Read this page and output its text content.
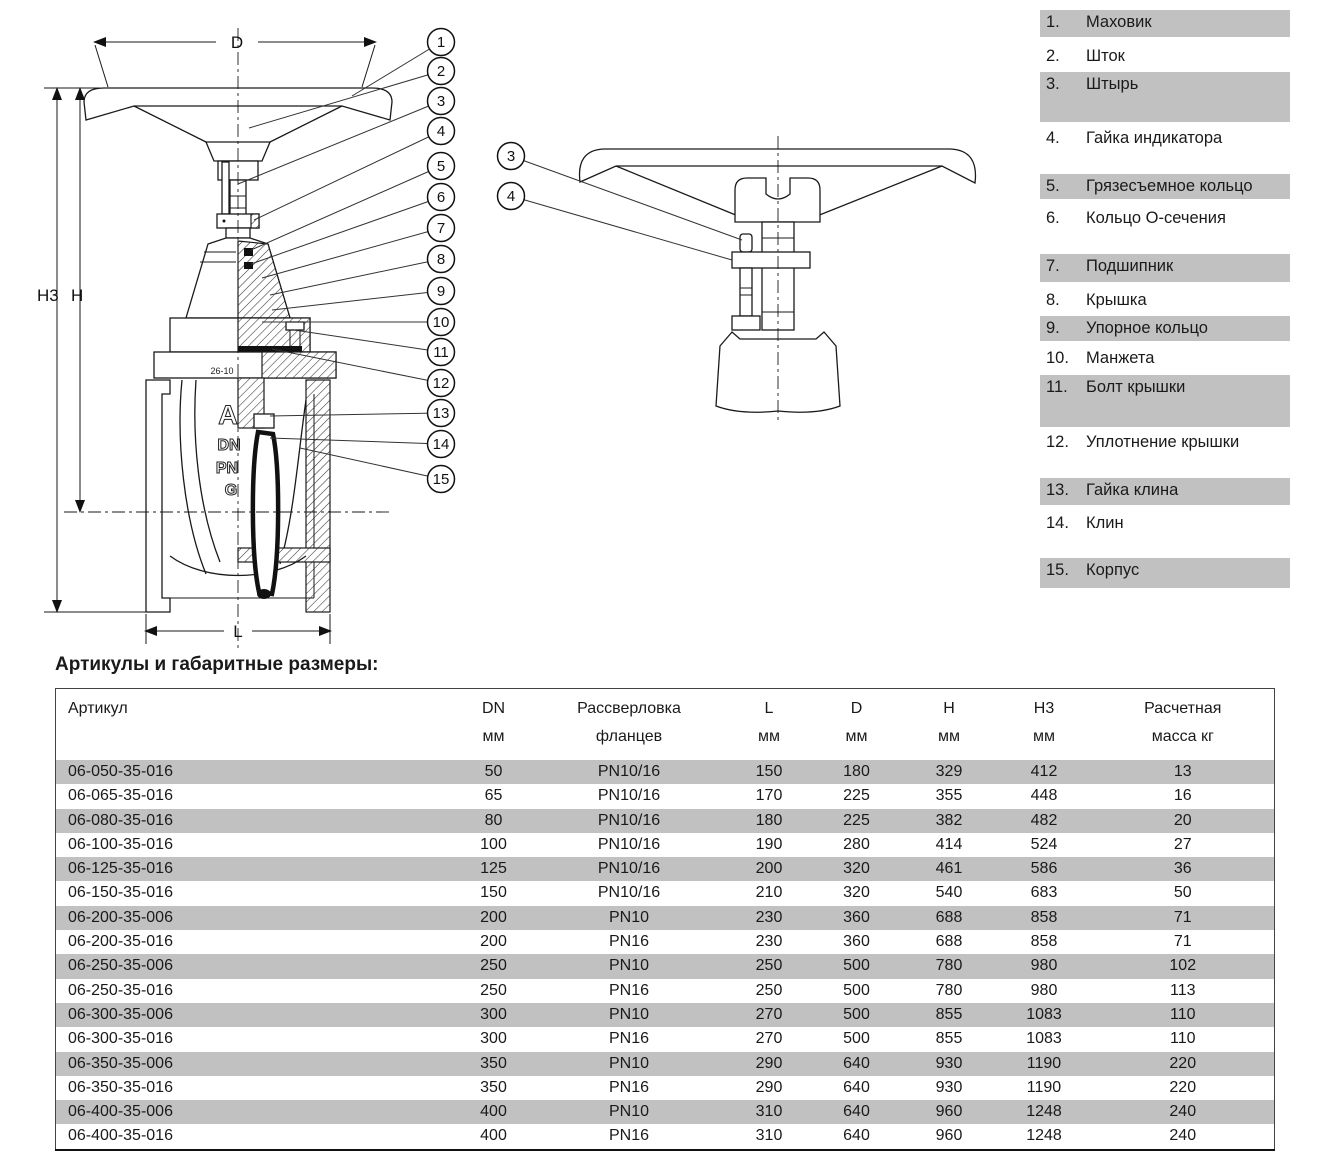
26-10
A
DN
PN
G
D
H3 H
L
1
2
3
4
5
6
7
8
9
10
11
12
13
14
15
3
4
1. Маховик
2. Шток
3. Штырь
4. Гайка индикатора
5. Грязесъемное кольцо
6. Кольцо О-сечения
7. Подшипник
8. Крышка
9. Упорное кольцо
10. Манжета
11. Болт крышки
12. Уплотнение крышки
13. Гайка клина
14. Клин
15. Корпус
Артикулы и габаритные размеры:
Артикул	DN	Рассверловка	L	D	H	H3	Расчетная
	мм	фланцев	мм	мм	мм	мм	масса кг
06-050-35-016	50	PN10/16	150	180	329	412	13
06-065-35-016	65	PN10/16	170	225	355	448	16
06-080-35-016	80	PN10/16	180	225	382	482	20
06-100-35-016	100	PN10/16	190	280	414	524	27
06-125-35-016	125	PN10/16	200	320	461	586	36
06-150-35-016	150	PN10/16	210	320	540	683	50
06-200-35-006	200	PN10	230	360	688	858	71
06-200-35-016	200	PN16	230	360	688	858	71
06-250-35-006	250	PN10	250	500	780	980	102
06-250-35-016	250	PN16	250	500	780	980	113
06-300-35-006	300	PN10	270	500	855	1083	110
06-300-35-016	300	PN16	270	500	855	1083	110
06-350-35-006	350	PN10	290	640	930	1190	220
06-350-35-016	350	PN16	290	640	930	1190	220
06-400-35-006	400	PN10	310	640	960	1248	240
06-400-35-016	400	PN16	310	640	960	1248	240
